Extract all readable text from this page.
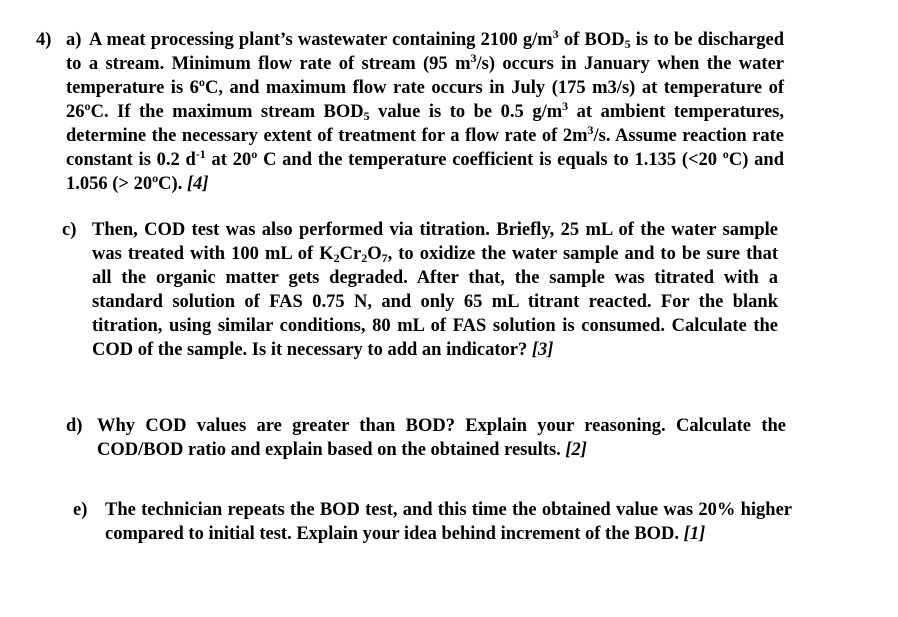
4) a) A meat processing plant’s wastewater containing 2100 $g/m^3$ of $BOD_5$ is to be discharged to a stream. Minimum flow rate of stream (95 $m^3/s$) occurs in January when the water temperature is 6ºC, and maximum flow rate occurs in July (175 m3/s) at temperature of 26ºC. If the maximum stream $BOD_5$ value is to be 0.5 $g/m^3$ at ambient temperatures, determine the necessary extent of treatment for a flow rate of $2m^3/s$. Assume reaction rate constant is 0.2 $d^{-1}$ at 20º C and the temperature coefficient is equals to 1.135 (<20 ºC) and 1.056 (> 20ºC). [4]
c) Then, COD test was also performed via titration. Briefly, 25 mL of the water sample was treated with 100 mL of $K_2Cr_2O_7$, to oxidize the water sample and to be sure that all the organic matter gets degraded. After that, the sample was titrated with a standard solution of FAS 0.75 N, and only 65 mL titrant reacted. For the blank titration, using similar conditions, 80 mL of FAS solution is consumed. Calculate the COD of the sample. Is it necessary to add an indicator? [3]
d) Why COD values are greater than BOD? Explain your reasoning. Calculate the COD/BOD ratio and explain based on the obtained results. [2]
e) The technician repeats the BOD test, and this time the obtained value was 20% higher compared to initial test. Explain your idea behind increment of the BOD. [1]
